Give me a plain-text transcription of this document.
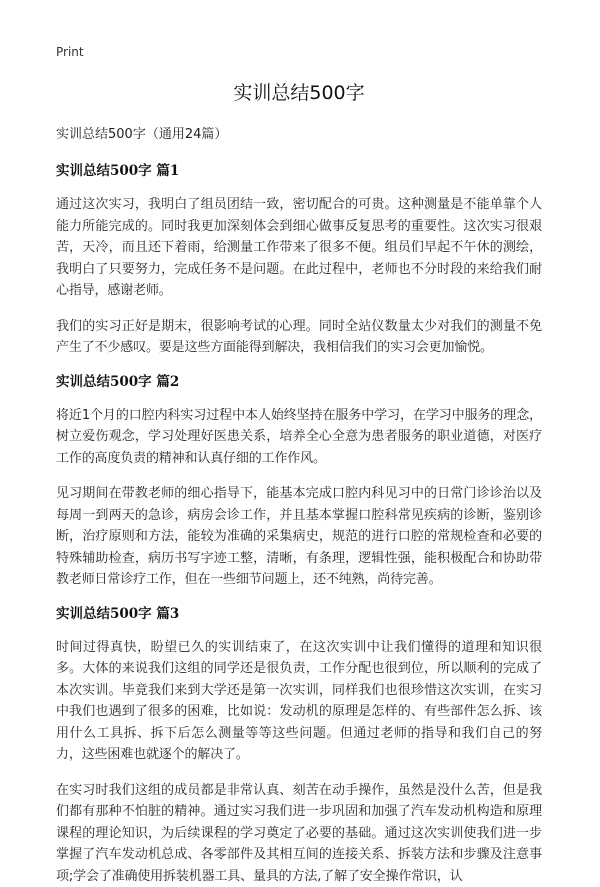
Print
实训总结500字

实训总结500字（通用24篇）

实训总结500字 篇1

通过这次实习，我明白了组员团结一致，密切配合的可贵。这种测量是不能单靠个人能力所能完成的。同时我更加深刻体会到细心做事反复思考的重要性。这次实习很艰苦，天冷，而且还下着雨，给测量工作带来了很多不便。组员们早起不午休的测绘，我明白了只要努力，完成任务不是问题。在此过程中，老师也不分时段的来给我们耐心指导，感谢老师。

我们的实习正好是期末，很影响考试的心理。同时全站仪数量太少对我们的测量不免产生了不少感叹。要是这些方面能得到解决，我相信我们的实习会更加愉悦。

实训总结500字 篇2

将近1个月的口腔内科实习过程中本人始终坚持在服务中学习，在学习中服务的理念，树立爱伤观念，学习处理好医患关系，培养全心全意为患者服务的职业道德，对医疗工作的高度负责的精神和认真仔细的工作作风。

见习期间在带教老师的细心指导下，能基本完成口腔内科见习中的日常门诊诊治以及每周一到两天的急诊，病房会诊工作，并且基本掌握口腔科常见疾病的诊断，鉴别诊断，治疗原则和方法，能较为准确的采集病史，规范的进行口腔的常规检查和必要的特殊辅助检查，病历书写字迹工整，清晰，有条理，逻辑性强，能积极配合和协助带教老师日常诊疗工作，但在一些细节问题上，还不纯熟，尚待完善。

实训总结500字 篇3

时间过得真快，盼望已久的实训结束了，在这次实训中让我们懂得的道理和知识很多。大体的来说我们这组的同学还是很负责，工作分配也很到位，所以顺利的完成了本次实训。毕竟我们来到大学还是第一次实训，同样我们也很珍惜这次实训，在实习中我们也遇到了很多的困难，比如说：发动机的原理是怎样的、有些部件怎么拆、该用什么工具拆、拆下后怎么测量等等这些问题。但通过老师的指导和我们自己的努力，这些困难也就逐个的解决了。

在实习时我们这组的成员都是非常认真、刻苦在动手操作，虽然是没什么苦，但是我们都有那种不怕脏的精神。通过实习我们进一步巩固和加强了汽车发动机构造和原理课程的理论知识，为后续课程的学习奠定了必要的基础。通过这次实训使我们进一步掌握了汽车发动机总成、各零部件及其相互间的连接关系、拆装方法和步骤及注意事项;学会了准确使用拆装机器工具、量具的方法,了解了安全操作常识，认
